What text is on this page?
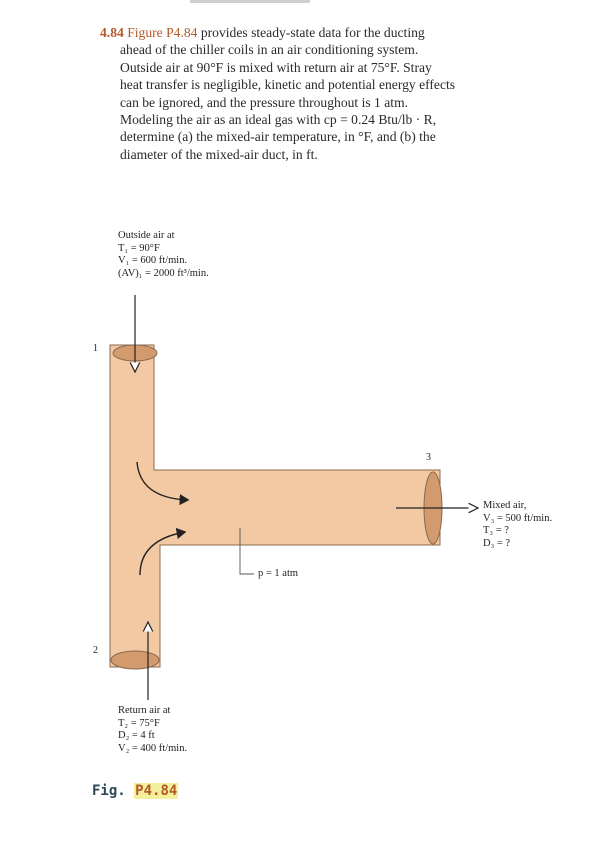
4.84 Figure P4.84 provides steady-state data for the ducting
ahead of the chiller coils in an air conditioning system.
Outside air at 90°F is mixed with return air at 75°F. Stray
heat transfer is negligible, kinetic and potential energy effects
can be ignored, and the pressure throughout is 1 atm.
Modeling the air as an ideal gas with cp = 0.24 Btu/lb · R,
determine (a) the mixed-air temperature, in °F, and (b) the
diameter of the mixed-air duct, in ft.
Outside air at
T₁ = 90°F
V₁ = 600 ft/min.
(AV)₁ = 2000 ft³/min.
1
2
3
Mixed air,
V₃ = 500 ft/min.
T₃ = ?
D₃ = ?
p = 1 atm
Return air at
T₂ = 75°F
D₂ = 4 ft
V₂ = 400 ft/min.
Fig. P4.84
